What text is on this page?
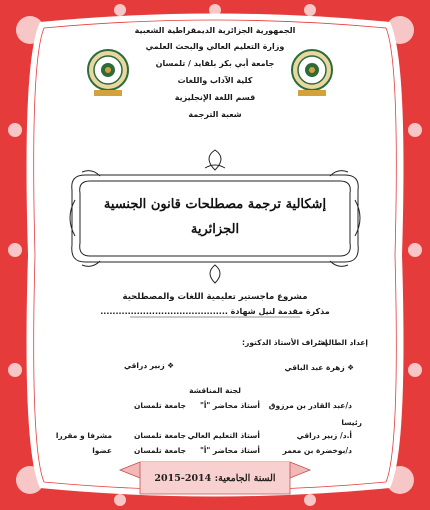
الجمهورية الجزائرية الديمقراطية الشعبية
وزارة التعليم العالي والبحث العلمي
جامعة أبي بكر بلقايد / تلمسان
كلية الآداب واللغات
قسم اللغة الإنجليزية
شعبة الترجمة
إشكالية ترجمة مصطلحات قانون الجنسية
الجزائرية
مشروع ماجستير تعليمية اللغات والمصطلحية
مذكرة مقدمة لنيل شهادة ..........................................
إعداد الطالبة:
إشراف الأستاذ الدكتور:
❖ زهرة عبد الباقي
❖ زبير دراقي
لجنة المناقشة
د/عبد القادر بن مرزوق
أستاذ محاضر "أ"
جامعة تلمسان
رئيسا
أ.د/ زبير دراقي
أستاذ التعليم العالي
جامعة تلمسان
مشرفا و مقررا
د/بوخضرة بن معمر
أستاذ محاضر "أ"
جامعة تلمسان
عضوا
السنة الجامعية: 2014-2015
